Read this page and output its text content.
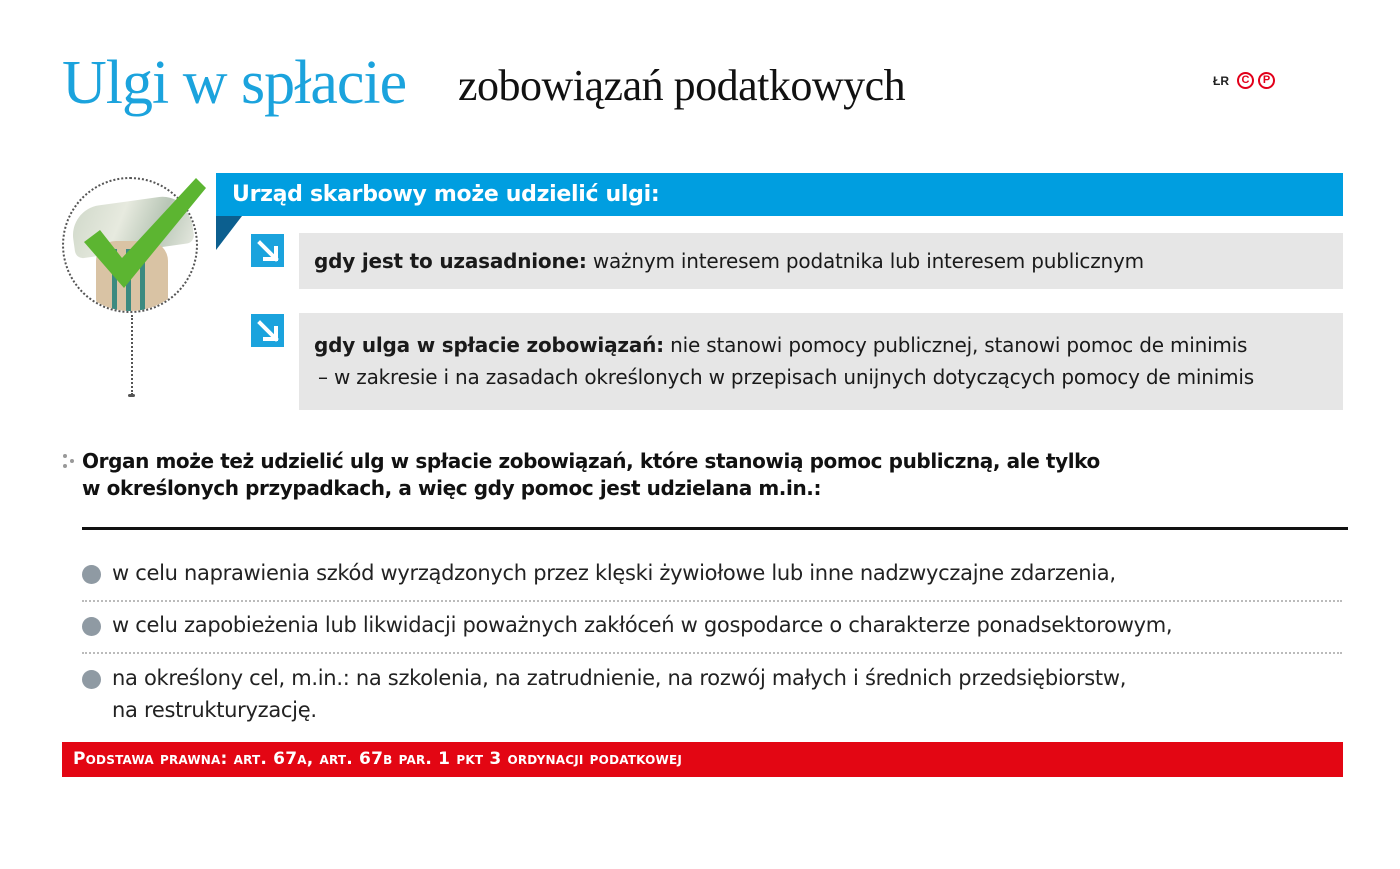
Ulgi w spłacie zobowiązań podatkowych	ŁR	C	P
Urząd skarbowy może udzielić ulgi:
gdy jest to uzasadnione: ważnym interesem podatnika lub interesem publicznym
gdy ulga w spłacie zobowiązań: nie stanowi pomocy publicznej, stanowi pomoc de minimis
– w zakresie i na zasadach określonych w przepisach unijnych dotyczących pomocy de minimis
Organ może też udzielić ulg w spłacie zobowiązań, które stanowią pomoc publiczną, ale tylko
w określonych przypadkach, a więc gdy pomoc jest udzielana m.in.:
w celu naprawienia szkód wyrządzonych przez klęski żywiołowe lub inne nadzwyczajne zdarzenia,
w celu zapobieżenia lub likwidacji poważnych zakłóceń w gospodarce o charakterze ponadsektorowym,
na określony cel, m.in.: na szkolenia, na zatrudnienie, na rozwój małych i średnich przedsiębiorstw,
na restrukturyzację.
Podstawa prawna: art. 67a, art. 67b par. 1 pkt 3 ordynacji podatkowej
